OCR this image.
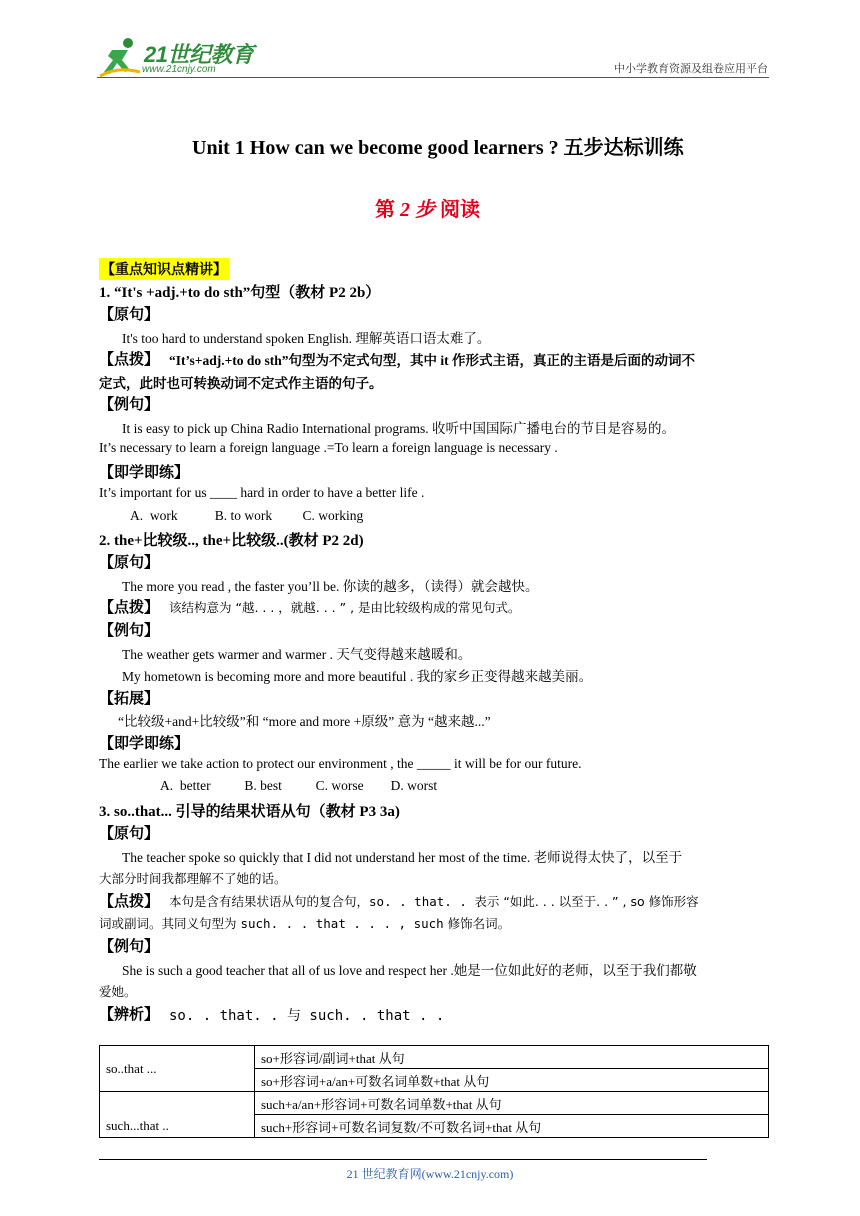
21世纪教育
www.21cnjy.com	中小学教育资源及组卷应用平台
Unit 1 How can we become good learners ? 五步达标训练
第 2 步 阅读
【重点知识点精讲】
1. “It's +adj.+to do sth”句型（教材 P2 2b）
【原句】
It's too hard to understand spoken English. 理解英语口语太难了。
【点拨】 “It’s+adj.+to do sth”句型为不定式句型，其中 it 作形式主语，真正的主语是后面的动词不
定式，此时也可转换动词不定式作主语的句子。
【例句】
It is easy to pick up China Radio International programs. 收听中国国际广播电台的节目是容易的。
It’s necessary to learn a foreign language .=To learn a foreign language is necessary .
【即学即练】
It’s important for us ____ hard in order to have a better life .
A.  work           B. to work         C. working
2. the+比较级.., the+比较级..(教材 P2 2d)
【原句】
The more you read , the faster you’ll be. 你读的越多，（读得）就会越快。
【点拨】 该结构意为 “越. . . ，就越. . . ” , 是由比较级构成的常见句式。
【例句】
The weather gets warmer and warmer . 天气变得越来越暖和。
My hometown is becoming more and more beautiful . 我的家乡正变得越来越美丽。
【拓展】
“比较级+and+比较级”和 “more and more +原级” 意为 “越来越...”
【即学即练】
The earlier we take action to protect our environment , the _____ it will be for our future.
A.  better          B. best          C. worse        D. worst
3. so..that... 引导的结果状语从句（教材 P3 3a)
【原句】
The teacher spoke so quickly that I did not understand her most of the time. 老师说得太快了，以至于
大部分时间我都理解不了她的话。
【点拨】 本句是含有结果状语从句的复合句，so. . that. . 表示 “如此. . . 以至于. . ” , so 修饰形容
词或副词。其同义句型为 such. . . that . . . , such 修饰名词。
【例句】
She is such a good teacher that all of us love and respect her .她是一位如此好的老师，以至于我们都敬
爱她。
【辨析】 so. . that. . 与 such. . that . .
so..that ...	so+形容词/副词+that 从句
	so+形容词+a/an+可数名词单数+that 从句
such...that ..	such+a/an+形容词+可数名词单数+that 从句
	such+形容词+可数名词复数/不可数名词+that 从句
21 世纪教育网(www.21cnjy.com)
